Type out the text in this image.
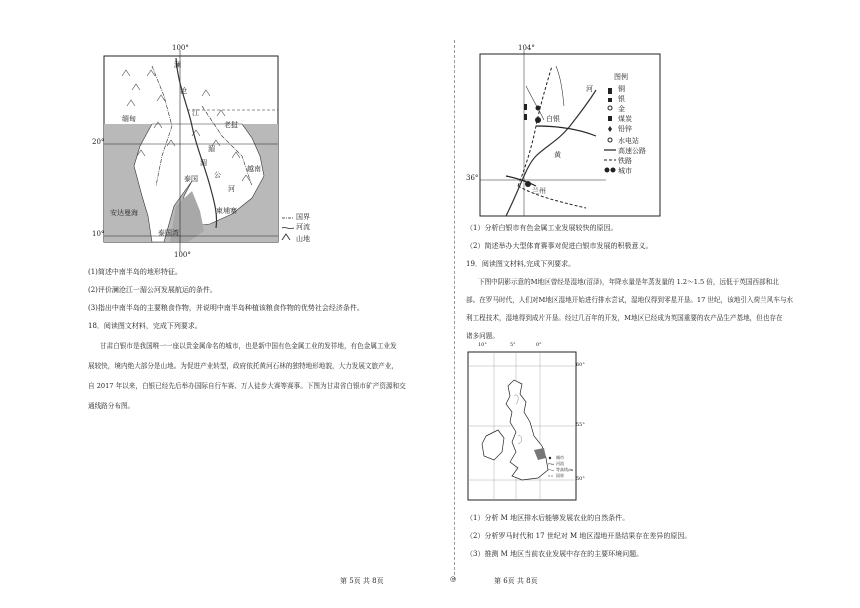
100°
100°
20°
10°
缅甸
老挝
泰国
越南
柬埔寨
安达曼海
泰国湾
湄
湄
公
河
澜
沧
江
国界
河流
山地
(1)简述中南半岛的地形特征。
(2)评价澜沧江一湄公河发展航运的条件。
(3)指出中南半岛的主要粮食作物，并说明中南半岛种植该粮食作物的优势社会经济条件。
18．阅读图文材料，完成下列要求。
甘肃白银市是我国唯一一座以贵金属命名的城市，也是新中国有色金属工业的发祥地，有色金属工业发
展较快，境内绝大部分是山地。为促进产业转型，政府依托黄河石林的独特地形地貌，大力发展文旅产业，
自 2017 年以来，白银已经先后举办国际自行车赛、万人徒步大赛等赛事。下图为甘肃省白银市矿产资源和交
通线路分布图。
104°
36°
白银
兰州
黄
河
图例
铜
银
金
煤炭
铅锌
水电站
高速公路
铁路
城市
（1）分析白银市有色金属工业发展较快的原因。
（2）简述举办大型体育赛事对促进白银市发展的积极意义。
19．阅读图文材料,完成下列要求。
下图中阴影示意的M地区曾经是湿地(沼泽)，年降水量是年蒸发量的 1.2～1.5 倍，远低于英国西部和北
部。在罗马时代，人们对M地区湿地开始进行排水尝试，湿地仅得到零星开垦。17 世纪，该地引入荷兰风车与水
利工程技术，湿地得到成片开垦。经过几百年的开发，M地区已经成为英国重要的农产品生产基地，但也存在
诸多问题。
10°	5°	0°
60°
55°
50°
城市
河流
等高线/m
国界
（1）分析 M 地区排水后能够发展农业的自然条件。
（2）分析罗马时代和 17 世纪对 M 地区湿地开垦结果存在差异的原因。
（3）推测 M 地区当前农业发展中存在的主要环境问题。
第 5页 共 8页	◎	第 6页 共 8页
